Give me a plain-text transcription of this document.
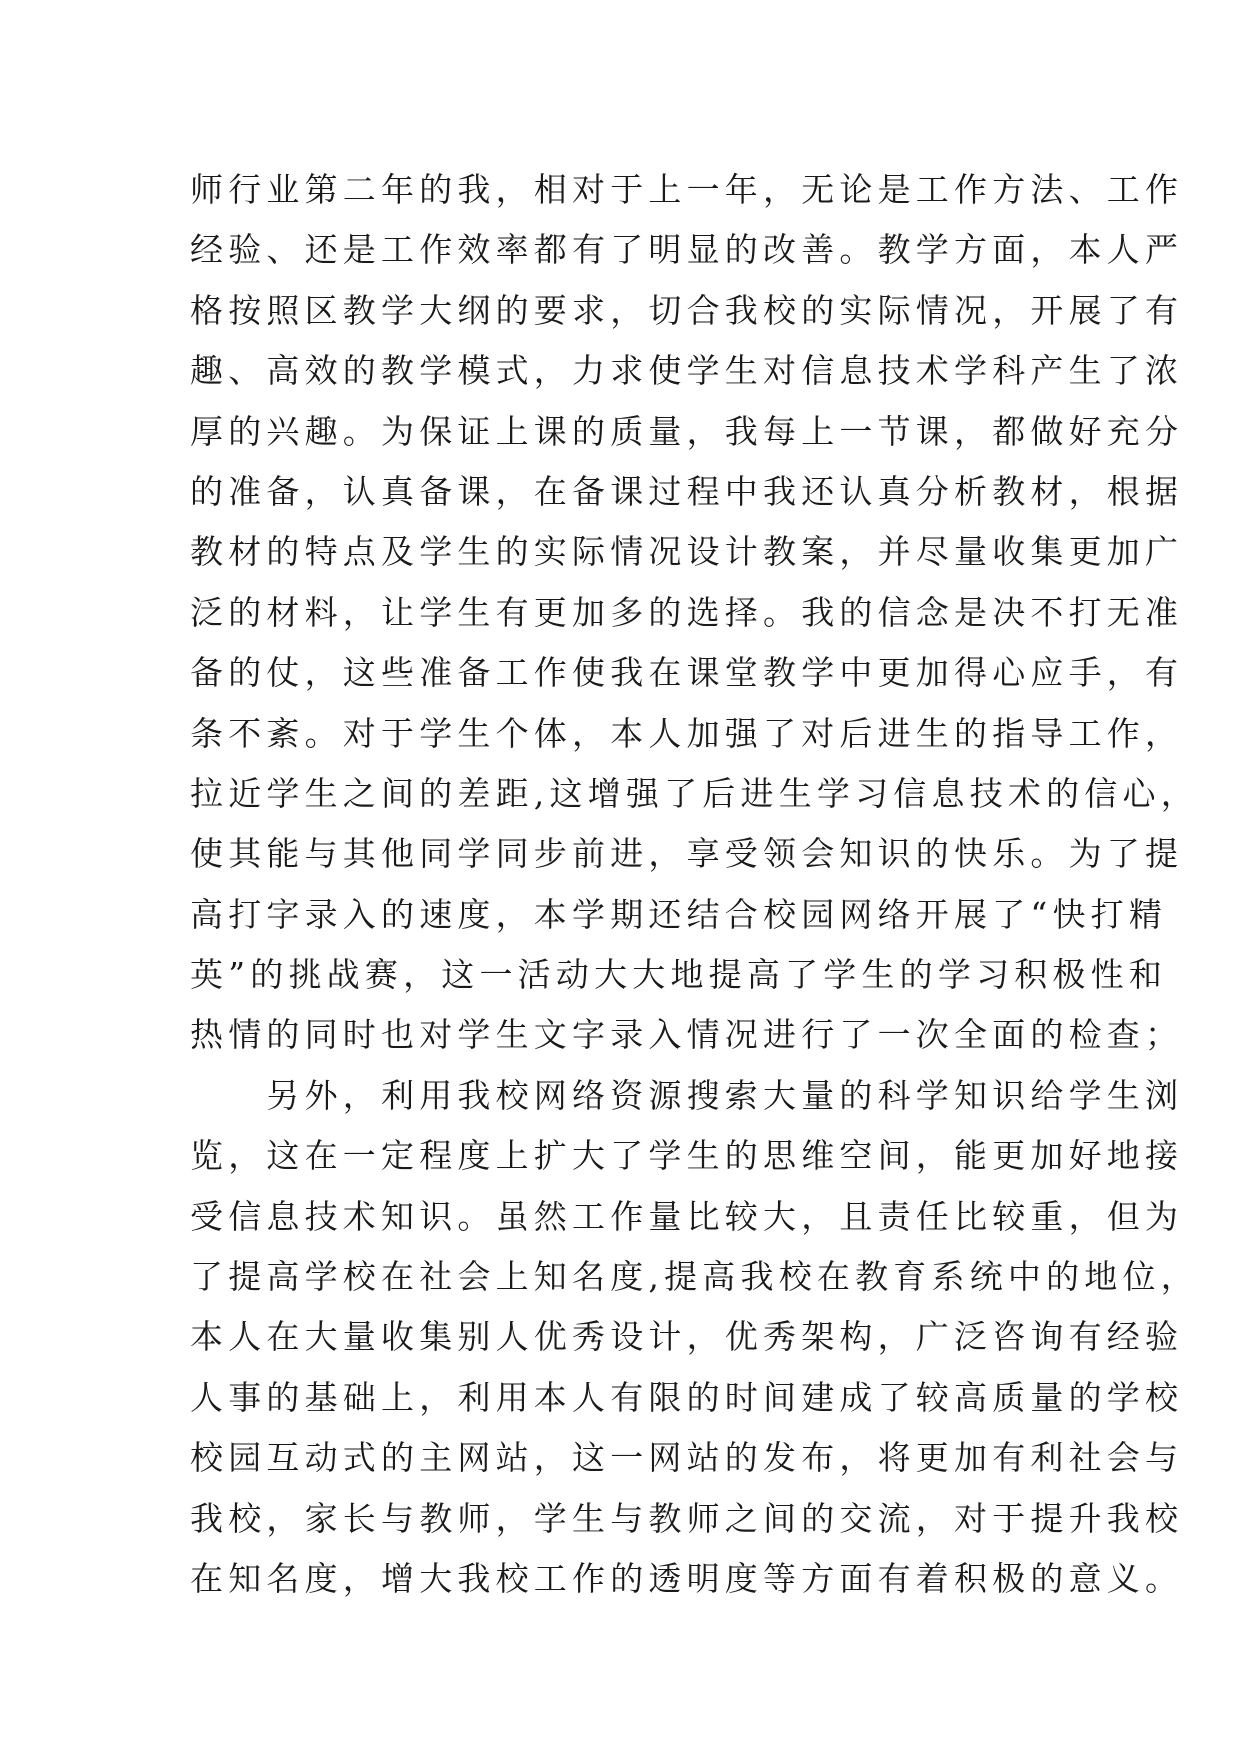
师行业第二年的我，相对于上一年，无论是工作方法、工作
经验、还是工作效率都有了明显的改善。教学方面，本人严
格按照区教学大纲的要求，切合我校的实际情况，开展了有
趣、高效的教学模式，力求使学生对信息技术学科产生了浓
厚的兴趣。为保证上课的质量，我每上一节课，都做好充分
的准备，认真备课，在备课过程中我还认真分析教材，根据
教材的特点及学生的实际情况设计教案，并尽量收集更加广
泛的材料，让学生有更加多的选择。我的信念是决不打无准
备的仗，这些准备工作使我在课堂教学中更加得心应手，有
条不紊。对于学生个体，本人加强了对后进生的指导工作，
拉近学生之间的差距,这增强了后进生学习信息技术的信心，
使其能与其他同学同步前进，享受领会知识的快乐。为了提
高打字录入的速度，本学期还结合校园网络开展了“快打精
英”的挑战赛，这一活动大大地提高了学生的学习积极性和
热情的同时也对学生文字录入情况进行了一次全面的检查；
　　另外，利用我校网络资源搜索大量的科学知识给学生浏
览，这在一定程度上扩大了学生的思维空间，能更加好地接
受信息技术知识。虽然工作量比较大，且责任比较重，但为
了提高学校在社会上知名度,提高我校在教育系统中的地位，
本人在大量收集别人优秀设计，优秀架构，广泛咨询有经验
人事的基础上，利用本人有限的时间建成了较高质量的学校
校园互动式的主网站，这一网站的发布，将更加有利社会与
我校，家长与教师，学生与教师之间的交流，对于提升我校
在知名度，增大我校工作的透明度等方面有着积极的意义。
